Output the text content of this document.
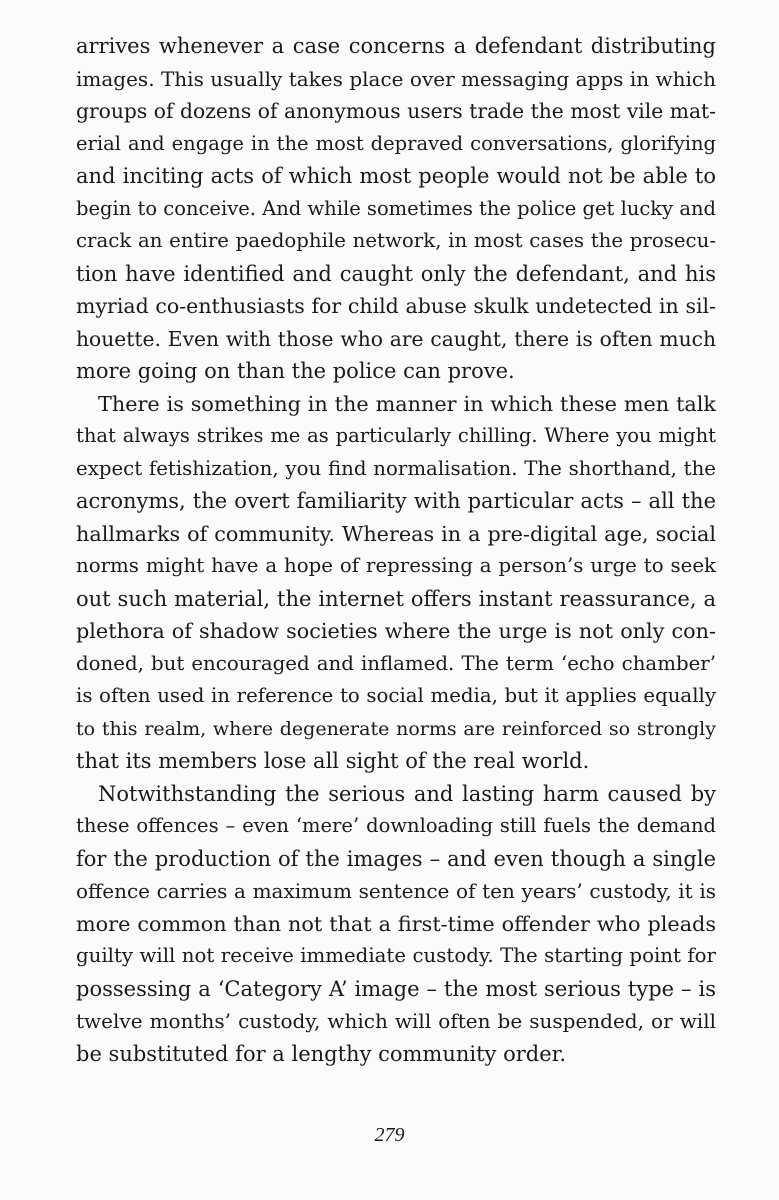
arrives whenever a case concerns a defendant distributing
images. This usually takes place over messaging apps in which
groups of dozens of anonymous users trade the most vile mat-
erial and engage in the most depraved conversations, glorifying
and inciting acts of which most people would not be able to
begin to conceive. And while sometimes the police get lucky and
crack an entire paedophile network, in most cases the prosecu-
tion have identified and caught only the defendant, and his
myriad co-enthusiasts for child abuse skulk undetected in sil-
houette. Even with those who are caught, there is often much
more going on than the police can prove.
There is something in the manner in which these men talk
that always strikes me as particularly chilling. Where you might
expect fetishization, you find normalisation. The shorthand, the
acronyms, the overt familiarity with particular acts – all the
hallmarks of community. Whereas in a pre-digital age, social
norms might have a hope of repressing a person’s urge to seek
out such material, the internet offers instant reassurance, a
plethora of shadow societies where the urge is not only con-
doned, but encouraged and inflamed. The term ‘echo chamber’
is often used in reference to social media, but it applies equally
to this realm, where degenerate norms are reinforced so strongly
that its members lose all sight of the real world.
Notwithstanding the serious and lasting harm caused by
these offences – even ‘mere’ downloading still fuels the demand
for the production of the images – and even though a single
offence carries a maximum sentence of ten years’ custody, it is
more common than not that a first-time offender who pleads
guilty will not receive immediate custody. The starting point for
possessing a ‘Category A’ image – the most serious type – is
twelve months’ custody, which will often be suspended, or will
be substituted for a lengthy community order.
279
